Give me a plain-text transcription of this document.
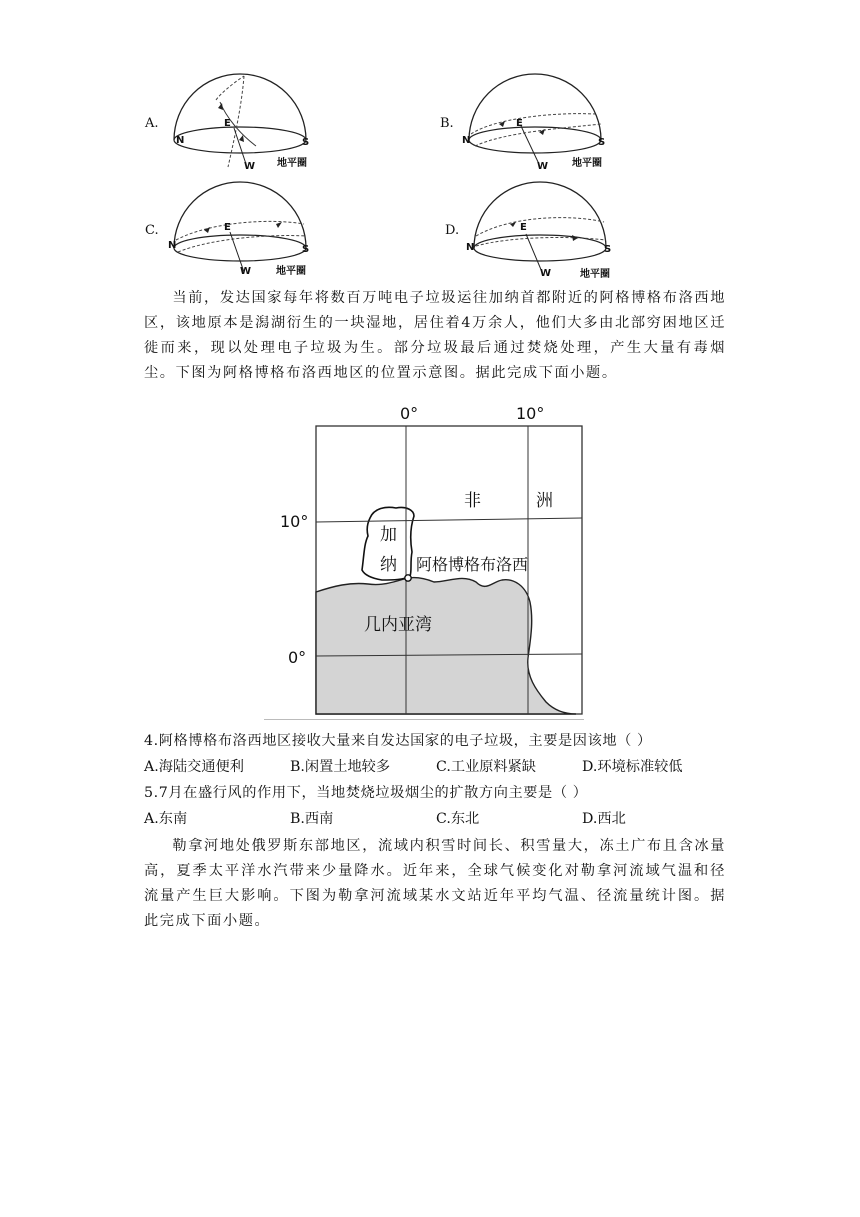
A.
N
E
S
W 地平圈
B.
N
E
S
W 地平圈
C.
N
E
S
W 地平圈
D.
N
E
S
W	地平圈

当前，发达国家每年将数百万吨电子垃圾运往加纳首都附近的阿格博格布洛西地区，该地原本是潟湖衍生的一块湿地，居住着4万余人，他们大多由北部穷困地区迁徙而来，现以处理电子垃圾为生。部分垃圾最后通过焚烧处理，产生大量有毒烟尘。下图为阿格博格布洛西地区的位置示意图。据此完成下面小题。

0°	10°
10°
0°
非	洲
加
纳 阿格博格布洛西
几内亚湾
4.阿格博格布洛西地区接收大量来自发达国家的电子垃圾，主要是因该地（ ）
A.海陆交通便利	B.闲置土地较多	C.工业原料紧缺	D.环境标准较低
5.7月在盛行风的作用下，当地焚烧垃圾烟尘的扩散方向主要是（ ）
A.东南	B.西南	C.东北	D.西北

勒拿河地处俄罗斯东部地区，流域内积雪时间长、积雪量大，冻土广布且含冰量高，夏季太平洋水汽带来少量降水。近年来，全球气候变化对勒拿河流域气温和径流量产生巨大影响。下图为勒拿河流域某水文站近年平均气温、径流量统计图。据此完成下面小题。
